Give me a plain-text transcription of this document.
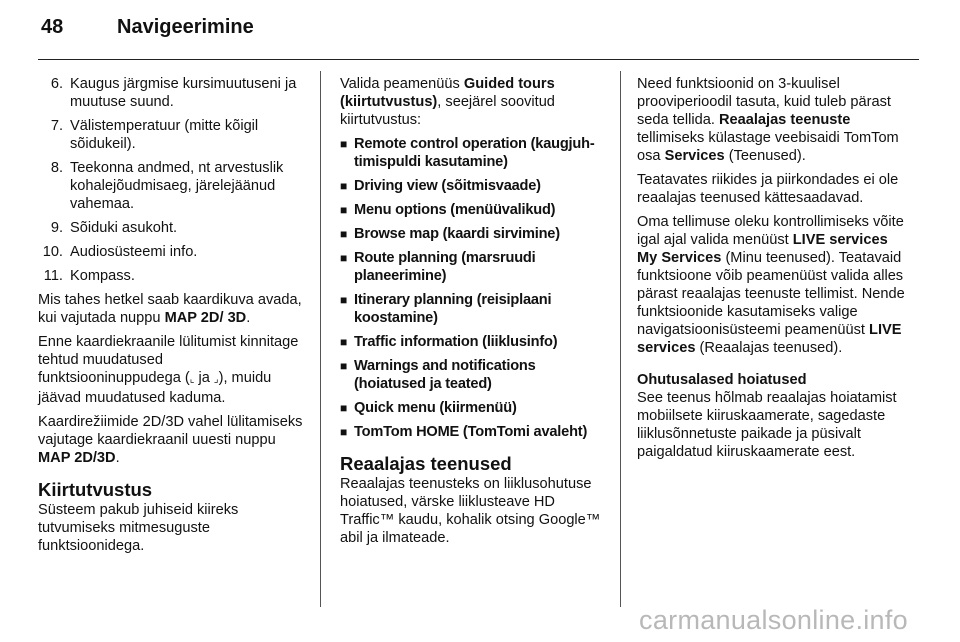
48	Navigeerimine
6. Kaugus järgmise kursimuutuseni ja muutuse suund.
7. Välistemperatuur (mitte kõigil sõidukeil).
8. Teekonna andmed, nt arvestuslik kohalejõudmisaeg, järelejäänud vahemaa.
9. Sõiduki asukoht.
10. Audiosüsteemi info.
11. Kompass.

Mis tahes hetkel saab kaardikuva avada, kui vajutada nuppu MAP 2D/ 3D.

Enne kaardiekraanile lülitumist kinnitage tehtud muudatused funktsiooninuppudega (⌞ ja ⌟), muidu jäävad muudatused kaduma.

Kaardirežiimide 2D/3D vahel lülitamiseks vajutage kaardiekraanil uuesti nuppu MAP 2D/3D.

Kiirtutvustus

Süsteem pakub juhiseid kiireks tutvumiseks mitmesuguste funktsioonidega.

Valida peamenüüs Guided tours (kiirtutvustus), seejärel soovitud kiirtutvustus:

■ Remote control operation (kaugjuh- timispuldi kasutamine)
■ Driving view (sõitmisvaade)
■ Menu options (menüüvalikud)
■ Browse map (kaardi sirvimine)
■ Route planning (marsruudi planeerimine)
■ Itinerary planning (reisiplaani koostamine)
■ Traffic information (liiklusinfo)
■ Warnings and notifications (hoiatused ja teated)
■ Quick menu (kiirmenüü)
■ TomTom HOME (TomTomi avaleht)
Reaalajas teenused

Reaalajas teenusteks on liiklusohutuse hoiatused, värske liiklusteave HD Traffic™ kaudu, kohalik otsing Google™ abil ja ilmateade.

Need funktsioonid on 3-kuulisel prooviperioodil tasuta, kuid tuleb pärast seda tellida. Reaalajas teenuste tellimiseks külastage veebisaidi TomTom osa Services (Teenused).

Teatavates riikides ja piirkondades ei ole reaalajas teenused kättesaadavad.

Oma tellimuse oleku kontrollimiseks võite igal ajal valida menüüst LIVE services My Services (Minu teenused). Teatavaid funktsioone võib peamenüüst valida alles pärast reaalajas teenuste tellimist. Nende funktsioonide kasutamiseks valige navigatsioonisüsteemi peamenüüst LIVE services (Reaalajas teenused).

Ohutusalased hoiatused

See teenus hõlmab reaalajas hoiatamist mobiilsete kiiruskaamerate, sagedaste liiklusõnnetuste paikade ja püsivalt paigaldatud kiiruskaamerate eest.

carmanualsonline.info
